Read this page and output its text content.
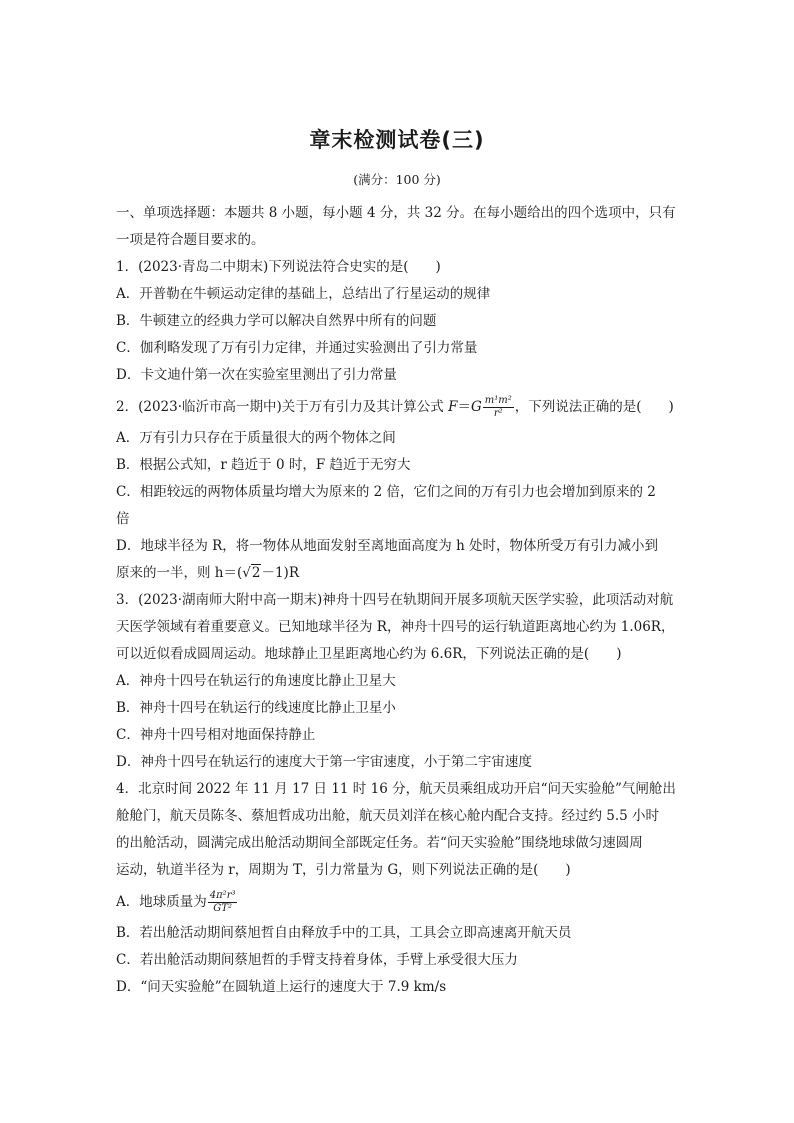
章末检测试卷(三)
(满分：100 分)
一、单项选择题：本题共 8 小题，每小题 4 分，共 32 分。在每小题给出的四个选项中，只有
一项是符合题目要求的。
1．(2023·青岛二中期末)下列说法符合史实的是(　　)
A．开普勒在牛顿运动定律的基础上，总结出了行星运动的规律
B．牛顿建立的经典力学可以解决自然界中所有的问题
C．伽利略发现了万有引力定律，并通过实验测出了引力常量
D．卡文迪什第一次在实验室里测出了引力常量
2．(2023·临沂市高一期中)关于万有引力及其计算公式 $F=G \frac{\text{m¹m²}}{\text{r²}}$ ，下列说法正确的是(　　)
A．万有引力只存在于质量很大的两个物体之间
B．根据公式知，r 趋近于 0 时，F 趋近于无穷大
C．相距较远的两物体质量均增大为原来的 2 倍，它们之间的万有引力也会增加到原来的 2
倍
D．地球半径为 R，将一物体从地面发射至离地面高度为 h 处时，物体所受万有引力减小到
原来的一半，则 h＝(√2－1)R
3．(2023·湖南师大附中高一期末)神舟十四号在轨期间开展多项航天医学实验，此项活动对航
天医学领域有着重要意义。已知地球半径为 R，神舟十四号的运行轨道距离地心约为 1.06R，
可以近似看成圆周运动。地球静止卫星距离地心约为 6.6R，下列说法正确的是(　　)
A．神舟十四号在轨运行的角速度比静止卫星大
B．神舟十四号在轨运行的线速度比静止卫星小
C．神舟十四号相对地面保持静止
D．神舟十四号在轨运行的速度大于第一宇宙速度，小于第二宇宙速度
4．北京时间 2022 年 11 月 17 日 11 时 16 分，航天员乘组成功开启“问天实验舱”气闸舱出
舱舱门，航天员陈冬、蔡旭哲成功出舱，航天员刘洋在核心舱内配合支持。经过约 5.5 小时
的出舱活动，圆满完成出舱活动期间全部既定任务。若“问天实验舱”围绕地球做匀速圆周
运动，轨道半径为 r，周期为 T，引力常量为 G，则下列说法正确的是(　　)
A．地球质量为 $\frac{\text{4π²r³}}{\text{GT²}}$
B．若出舱活动期间蔡旭哲自由释放手中的工具，工具会立即高速离开航天员
C．若出舱活动期间蔡旭哲的手臂支持着身体，手臂上承受很大压力
D．“问天实验舱”在圆轨道上运行的速度大于 7.9 km/s
